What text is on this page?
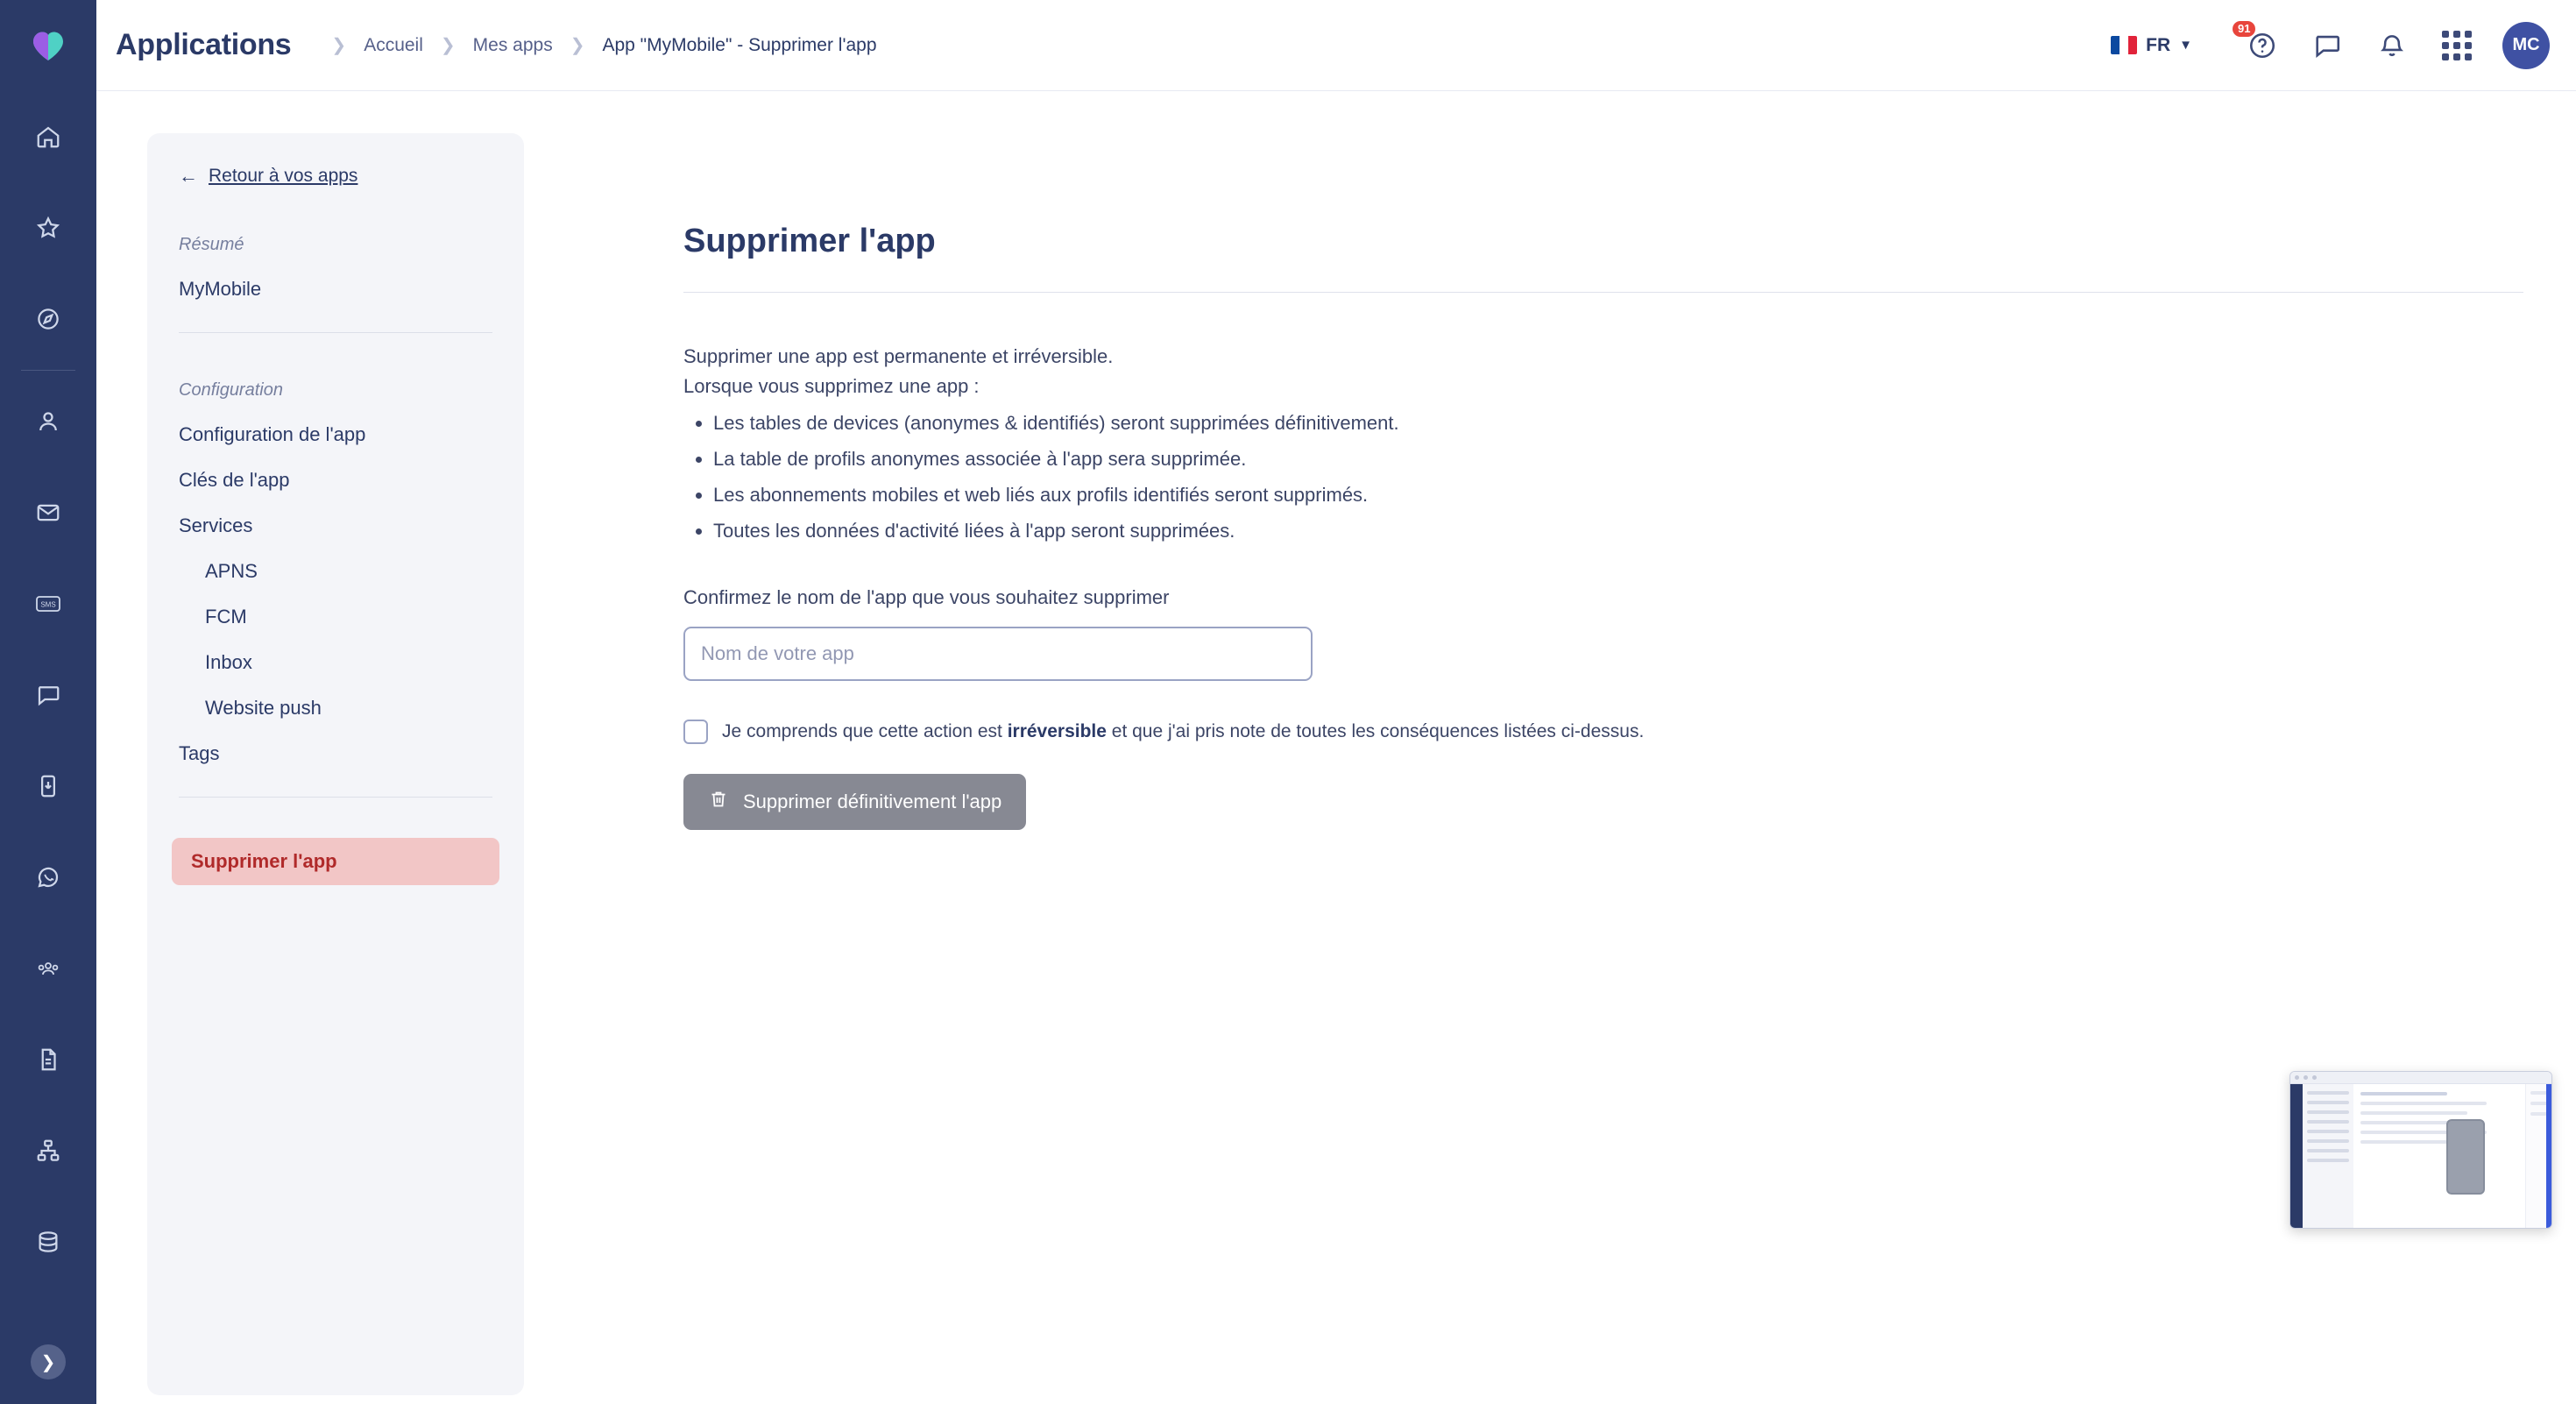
SMS
❯
Applications ❯ Accueil ❯ Mes apps ❯ App "MyMobile" - Supprimer l'app	FR ▼
91
MC
← Retour à vos apps
Résumé
MyMobile
Configuration
Configuration de l'app
Clés de l'app
Services
APNS
FCM
Inbox
Website push
Tags
Supprimer l'app
Supprimer l'app
Supprimer une app est permanente et irréversible.
Lorsque vous supprimez une app :
• Les tables de devices (anonymes & identifiés) seront supprimées définitivement.
• La table de profils anonymes associée à l'app sera supprimée.
• Les abonnements mobiles et web liés aux profils identifiés seront supprimés.
• Toutes les données d'activité liées à l'app seront supprimées.
Confirmez le nom de l'app que vous souhaitez supprimer
Nom de votre app
Je comprends que cette action est irréversible et que j'ai pris note de toutes les conséquences listées ci-dessus.
Supprimer définitivement l'app
